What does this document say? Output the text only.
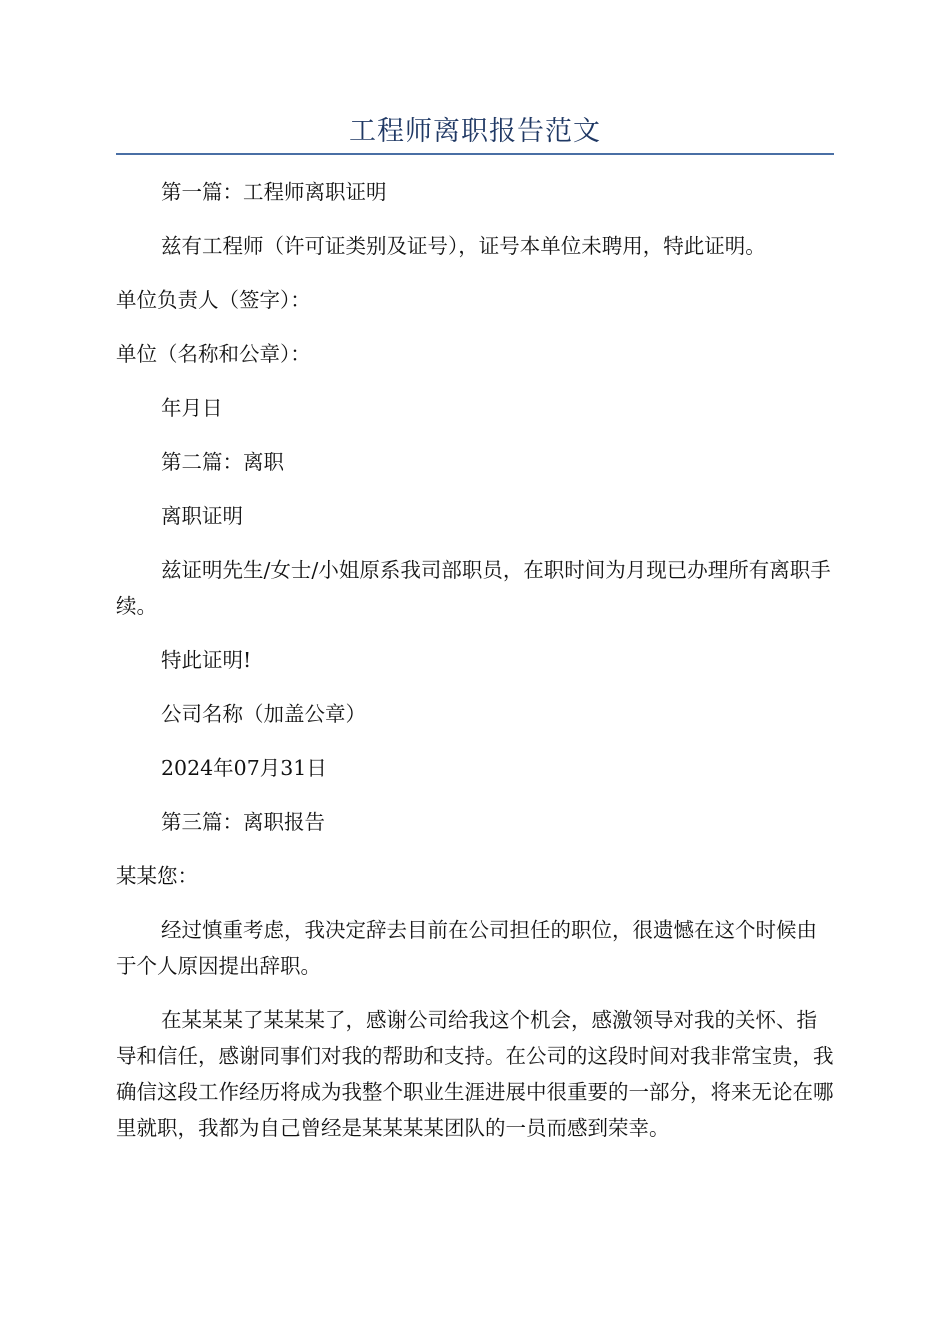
工程师离职报告范文

第一篇：工程师离职证明

兹有工程师（许可证类别及证号），证号本单位未聘用，特此证明。

单位负责人（签字）：

单位（名称和公章）：

年月日

第二篇：离职

离职证明

兹证明先生/女士/小姐原系我司部职员，在职时间为月现已办理所有离职手续。

特此证明!

公司名称（加盖公章）

2024年07月31日

第三篇：离职报告

某某您：

经过慎重考虑，我决定辞去目前在公司担任的职位，很遗憾在这个时候由于个人原因提出辞职。

在某某某了某某某了，感谢公司给我这个机会，感激领导对我的关怀、指导和信任，感谢同事们对我的帮助和支持。在公司的这段时间对我非常宝贵，我确信这段工作经历将成为我整个职业生涯进展中很重要的一部分，将来无论在哪里就职，我都为自己曾经是某某某某团队的一员而感到荣幸。
